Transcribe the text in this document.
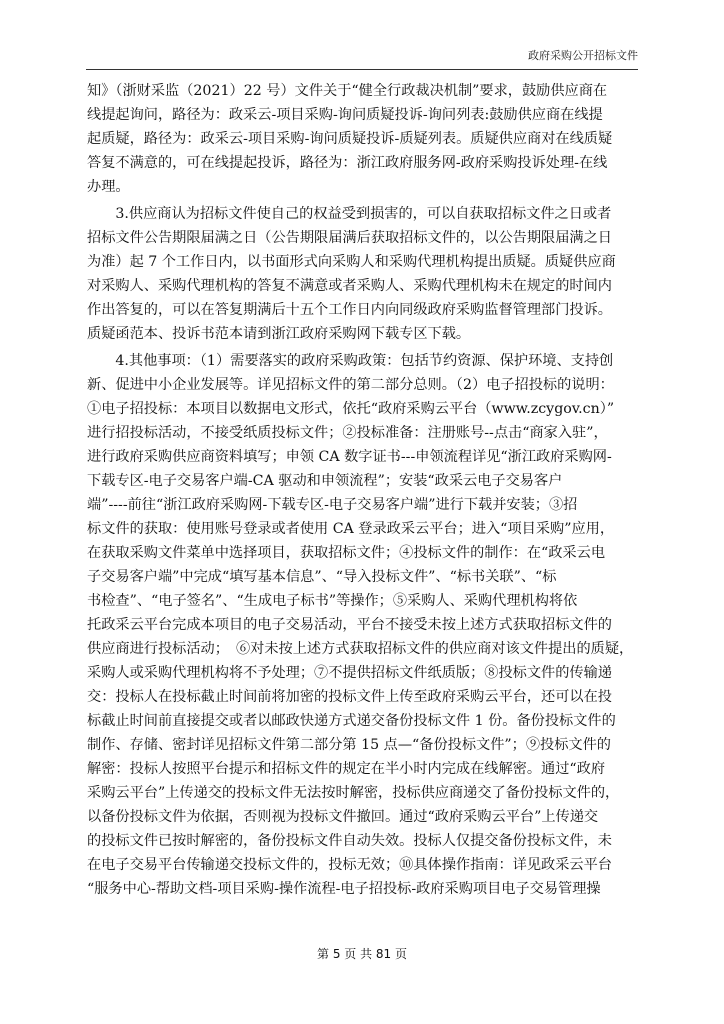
政府采购公开招标文件
知》（浙财采监（2021）22 号）文件关于“健全行政裁决机制”要求，鼓励供应商在
线提起询问，路径为：政采云-项目采购-询问质疑投诉-询问列表:鼓励供应商在线提
起质疑，路径为：政采云-项目采购-询问质疑投诉-质疑列表。质疑供应商对在线质疑
答复不满意的，可在线提起投诉，路径为：浙江政府服务网-政府采购投诉处理-在线
办理。
　　3.供应商认为招标文件使自己的权益受到损害的，可以自获取招标文件之日或者
招标文件公告期限届满之日（公告期限届满后获取招标文件的，以公告期限届满之日
为准）起 7 个工作日内，以书面形式向采购人和采购代理机构提出质疑。质疑供应商
对采购人、采购代理机构的答复不满意或者采购人、采购代理机构未在规定的时间内
作出答复的，可以在答复期满后十五个工作日内向同级政府采购监督管理部门投诉。
质疑函范本、投诉书范本请到浙江政府采购网下载专区下载。
　　4.其他事项：（1）需要落实的政府采购政策：包括节约资源、保护环境、支持创
新、促进中小企业发展等。详见招标文件的第二部分总则。（2）电子招投标的说明：
①电子招投标：本项目以数据电文形式，依托“政府采购云平台（www.zcygov.cn）”
进行招投标活动，不接受纸质投标文件；②投标准备：注册账号--点击“商家入驻”，
进行政府采购供应商资料填写；申领 CA 数字证书---申领流程详见“浙江政府采购网-
下载专区-电子交易客户端-CA 驱动和申领流程”；安装“政采云电子交易客户
端”----前往“浙江政府采购网-下载专区-电子交易客户端”进行下载并安装；③招
标文件的获取：使用账号登录或者使用 CA 登录政采云平台；进入“项目采购”应用，
在获取采购文件菜单中选择项目，获取招标文件；④投标文件的制作：在“政采云电
子交易客户端”中完成“填写基本信息”、“导入投标文件”、“标书关联”、“标
书检查”、“电子签名”、“生成电子标书”等操作；⑤采购人、采购代理机构将依
托政采云平台完成本项目的电子交易活动，平台不接受未按上述方式获取招标文件的
供应商进行投标活动；　⑥对未按上述方式获取招标文件的供应商对该文件提出的质疑，
采购人或采购代理机构将不予处理；⑦不提供招标文件纸质版；⑧投标文件的传输递
交：投标人在投标截止时间前将加密的投标文件上传至政府采购云平台，还可以在投
标截止时间前直接提交或者以邮政快递方式递交备份投标文件 1 份。备份投标文件的
制作、存储、密封详见招标文件第二部分第 15 点—“备份投标文件”；⑨投标文件的
解密：投标人按照平台提示和招标文件的规定在半小时内完成在线解密。通过“政府
采购云平台”上传递交的投标文件无法按时解密，投标供应商递交了备份投标文件的，
以备份投标文件为依据，否则视为投标文件撤回。通过“政府采购云平台”上传递交
的投标文件已按时解密的，备份投标文件自动失效。投标人仅提交备份投标文件，未
在电子交易平台传输递交投标文件的，投标无效；⑩具体操作指南：详见政采云平台
“服务中心-帮助文档-项目采购-操作流程-电子招投标-政府采购项目电子交易管理操
第 5 页 共 81 页
